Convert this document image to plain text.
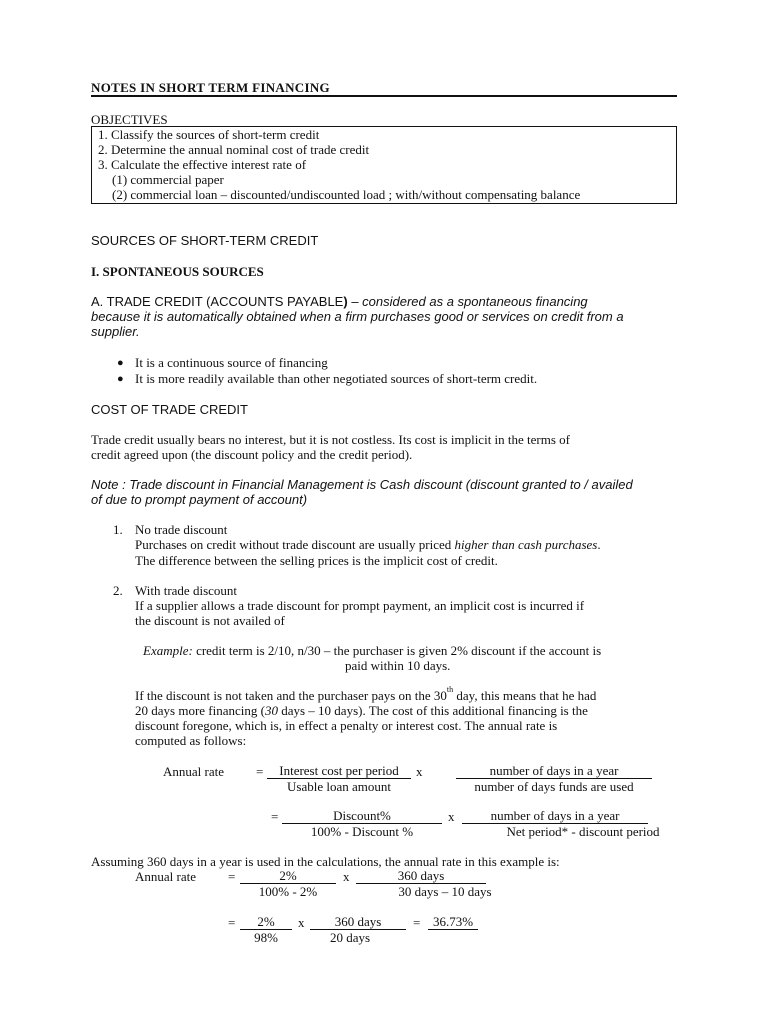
NOTES IN SHORT TERM FINANCING
OBJECTIVES
1. Classify the sources of short-term credit
2. Determine the annual nominal cost of trade credit
3. Calculate the effective interest rate of
(1) commercial paper
(2) commercial loan – discounted/undiscounted load ; with/without compensating balance
SOURCES OF SHORT-TERM CREDIT
I. SPONTANEOUS SOURCES
A. TRADE CREDIT (ACCOUNTS PAYABLE) – considered as a spontaneous financing
because it is automatically obtained when a firm purchases good or services on credit from a
supplier.
● It is a continuous source of financing
● It is more readily available than other negotiated sources of short-term credit.
COST OF TRADE CREDIT
Trade credit usually bears no interest, but it is not costless. Its cost is implicit in the terms of
credit agreed upon (the discount policy and the credit period).
Note : Trade discount in Financial Management is Cash discount (discount granted to / availed
of due to prompt payment of account)
1. No trade discount
Purchases on credit without trade discount are usually priced higher than cash purchases.
The difference between the selling prices is the implicit cost of credit.
2. With trade discount
If a supplier allows a trade discount for prompt payment, an implicit cost is incurred if
the discount is not availed of
Example: credit term is 2/10, n/30 – the purchaser is given 2% discount if the account is
paid within 10 days.
If the discount is not taken and the purchaser pays on the 30th day, this means that he had
20 days more financing (30 days – 10 days). The cost of this additional financing is the
discount foregone, which is, in effect a penalty or interest cost. The annual rate is
computed as follows:
Annual rate =	Interest cost per period	x	number of days in a year
Usable loan amount	number of days funds are used
=	Discount%	x	number of days in a year
100% - Discount %	Net period* - discount period
Assuming 360 days in a year is used in the calculations, the annual rate in this example is:
Annual rate =	2%	x	360 days
100% - 2%	30 days – 10 days
=	2%	x	360 days	= 36.73%
98%	20 days
